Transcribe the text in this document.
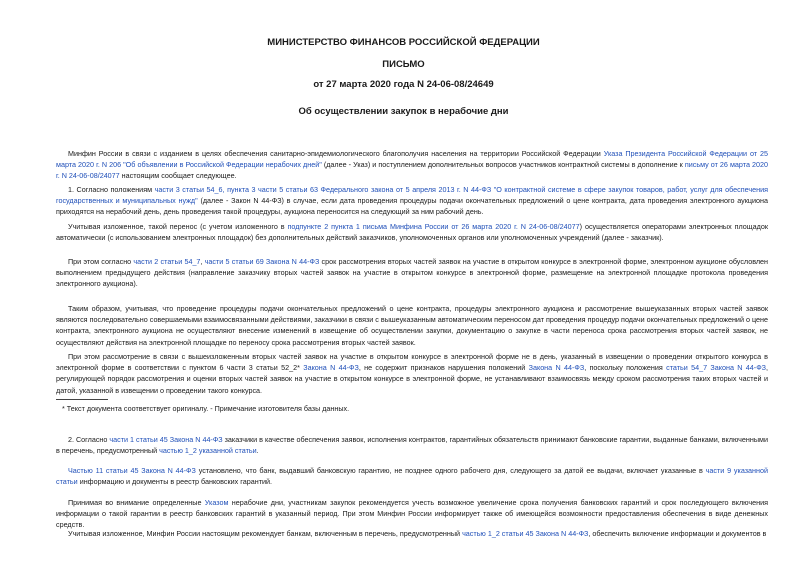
МИНИСТЕРСТВО ФИНАНСОВ РОССИЙСКОЙ ФЕДЕРАЦИИ
ПИСЬМО
от 27 марта 2020 года N 24-06-08/24649
Об осуществлении закупок в нерабочие дни
Минфин России в связи с изданием в целях обеспечения санитарно-эпидемиологического благополучия населения на территории Российской Федерации Указа Президента Российской Федерации от 25 марта 2020 г. N 206 "Об объявлении в Российской Федерации нерабочих дней" (далее - Указ) и поступлением дополнительных вопросов участников контрактной системы в дополнение к письму от 26 марта 2020 г. N 24-06-08/24077 настоящим сообщает следующее.
1. Согласно положениям части 3 статьи 54_6, пункта 3 части 5 статьи 63 Федерального закона от 5 апреля 2013 г. N 44-ФЗ "О контрактной системе в сфере закупок товаров, работ, услуг для обеспечения государственных и муниципальных нужд" (далее - Закон N 44-ФЗ) в случае, если дата проведения процедуры подачи окончательных предложений о цене контракта, дата проведения электронного аукциона приходятся на нерабочий день, день проведения такой процедуры, аукциона переносится на следующий за ним рабочий день.
Учитывая изложенное, такой перенос (с учетом изложенного в подпункте 2 пункта 1 письма Минфина России от 26 марта 2020 г. N 24-06-08/24077) осуществляется операторами электронных площадок автоматически (с использованием электронных площадок) без дополнительных действий заказчиков, уполномоченных органов или уполномоченных учреждений (далее - заказчик).
При этом согласно части 2 статьи 54_7, части 5 статьи 69 Закона N 44-ФЗ срок рассмотрения вторых частей заявок на участие в открытом конкурсе в электронной форме, электронном аукционе обусловлен выполнением предыдущего действия (направление заказчику вторых частей заявок на участие в открытом конкурсе в электронной форме, размещение на электронной площадке протокола проведения электронного аукциона).
Таким образом, учитывая, что проведение процедуры подачи окончательных предложений о цене контракта, процедуры электронного аукциона и рассмотрение вышеуказанных вторых частей заявок являются последовательно совершаемыми взаимосвязанными действиями, заказчики в связи с вышеуказанным автоматическим переносом дат проведения процедур подачи окончательных предложений о цене контракта, электронного аукциона не осуществляют внесение изменений в извещение об осуществлении закупки, документацию о закупке в части переноса срока рассмотрения вторых частей заявок, не осуществляют действия на электронной площадке по переносу срока рассмотрения вторых частей заявок.
При этом рассмотрение в связи с вышеизложенным вторых частей заявок на участие в открытом конкурсе в электронной форме не в день, указанный в извещении о проведении открытого конкурса в электронной форме в соответствии с пунктом 6 части 3 статьи 52_2* Закона N 44-ФЗ, не содержит признаков нарушения положений Закона N 44-ФЗ, поскольку положения статьи 54_7 Закона N 44-ФЗ, регулирующей порядок рассмотрения и оценки вторых частей заявок на участие в открытом конкурсе в электронной форме, не устанавливают взаимосвязь между сроком рассмотрения таких вторых частей и датой, указанной в извещении о проведении такого конкурса.
* Текст документа соответствует оригиналу. - Примечание изготовителя базы данных.
2. Согласно части 1 статьи 45 Закона N 44-ФЗ заказчики в качестве обеспечения заявок, исполнения контрактов, гарантийных обязательств принимают банковские гарантии, выданные банками, включенными в перечень, предусмотренный частью 1_2 указанной статьи.
Частью 11 статьи 45 Закона N 44-ФЗ установлено, что банк, выдавший банковскую гарантию, не позднее одного рабочего дня, следующего за датой ее выдачи, включает указанные в части 9 указанной статьи информацию и документы в реестр банковских гарантий.
Принимая во внимание определенные Указом нерабочие дни, участникам закупок рекомендуется учесть возможное увеличение срока получения банковских гарантий и срок последующего включения информации о такой гарантии в реестр банковских гарантий в указанный период. При этом Минфин России информирует также об имеющейся возможности предоставления обеспечения в виде денежных средств.
Учитывая изложенное, Минфин России настоящим рекомендует банкам, включенным в перечень, предусмотренный частью 1_2 статьи 45 Закона N 44-ФЗ, обеспечить включение информации и документов в
